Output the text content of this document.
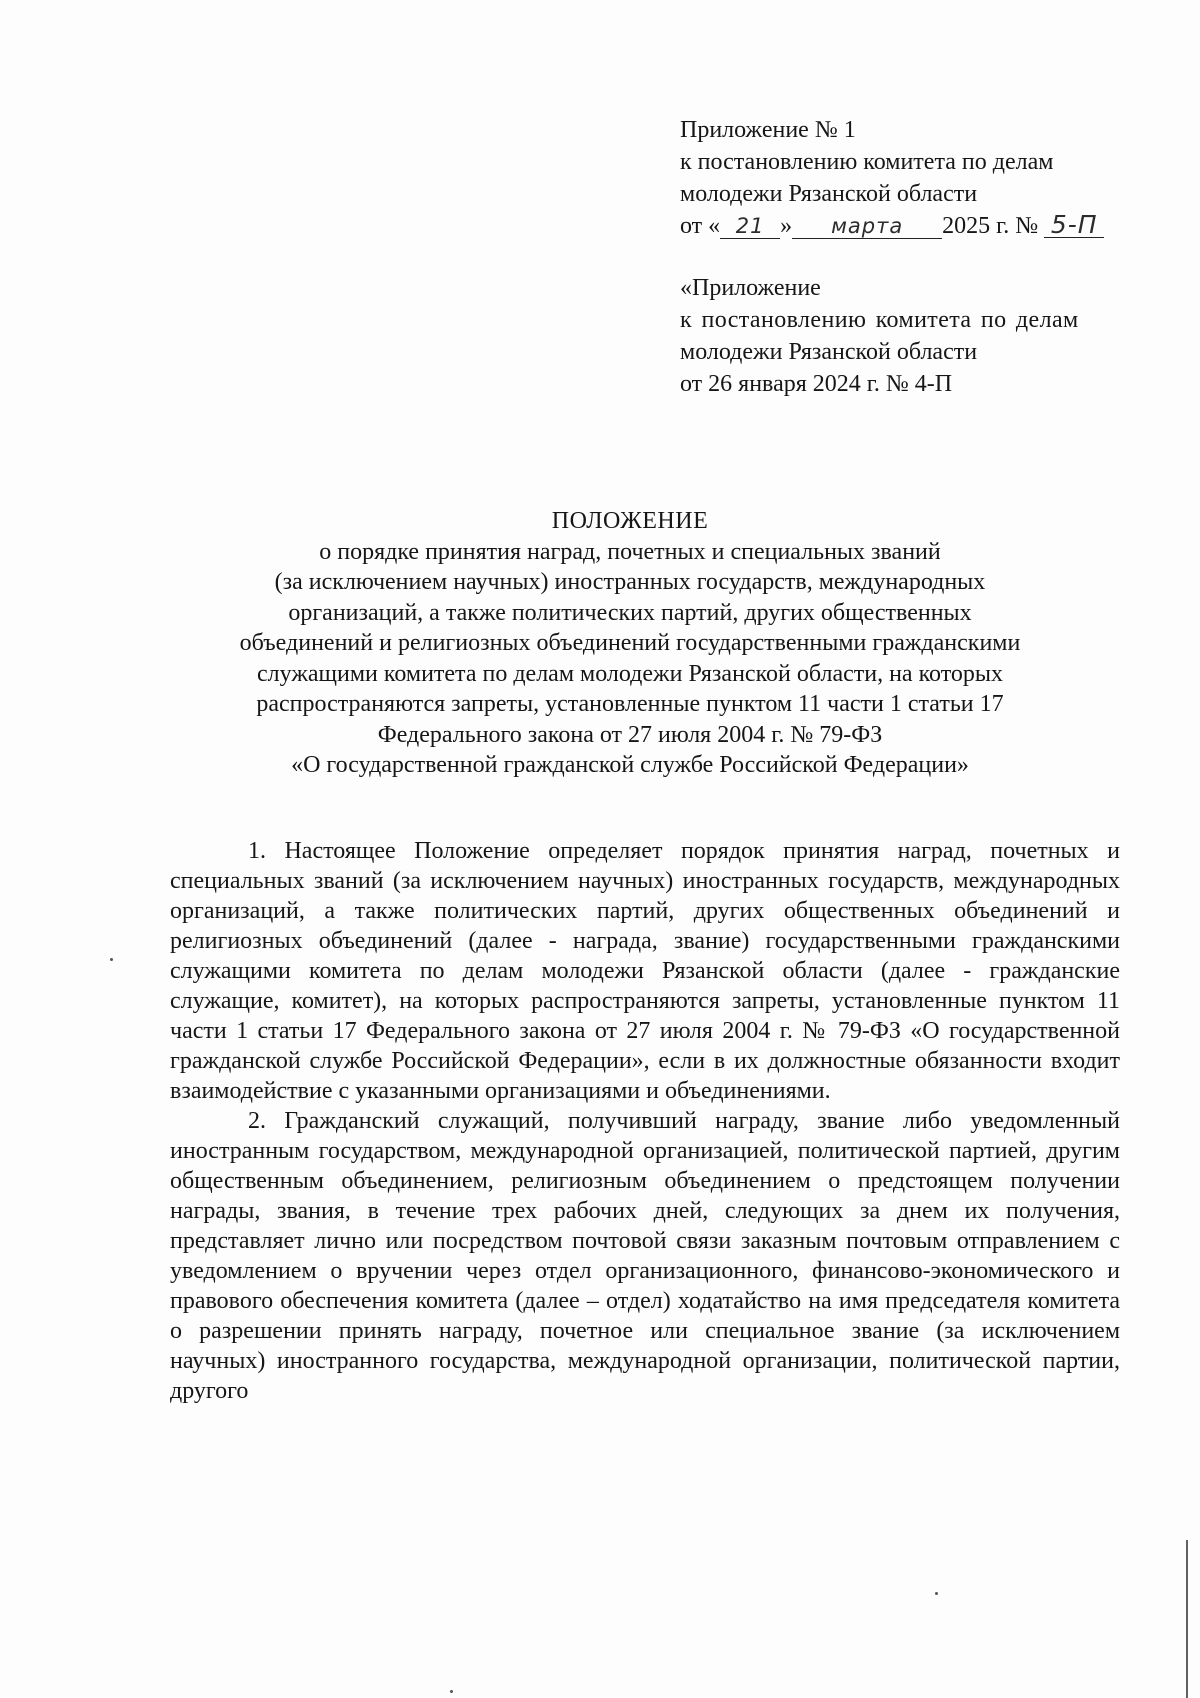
Приложение № 1
к постановлению комитета по делам
молодежи Рязанской области
от « 21 » марта 2025 г. № 5-П
«Приложение
к постановлению комитета по делам
молодежи Рязанской области
от 26 января 2024 г. № 4-П
ПОЛОЖЕНИЕ
о порядке принятия наград, почетных и специальных званий
(за исключением научных) иностранных государств, международных
организаций, а также политических партий, других общественных
объединений и религиозных объединений государственными гражданскими
служащими комитета по делам молодежи Рязанской области, на которых
распространяются запреты, установленные пунктом 11 части 1 статьи 17
Федерального закона от 27 июля 2004 г. № 79-ФЗ
«О государственной гражданской службе Российской Федерации»

1. Настоящее Положение определяет порядок принятия наград, почетных и специальных званий (за исключением научных) иностранных государств, международных организаций, а также политических партий, других общественных объединений и религиозных объединений (далее - награда, звание) государственными гражданскими служащими комитета по делам молодежи Рязанской области (далее - гражданские служащие, комитет), на которых распространяются запреты, установленные пунктом 11 части 1 статьи 17 Федерального закона от 27 июля 2004 г. № 79-ФЗ «О государственной гражданской службе Российской Федерации», если в их должностные обязанности входит взаимодействие с указанными организациями и объединениями.

2. Гражданский служащий, получивший награду, звание либо уведомленный иностранным государством, международной организацией, политической партией, другим общественным объединением, религиозным объединением о предстоящем получении награды, звания, в течение трех рабочих дней, следующих за днем их получения, представляет лично или посредством почтовой связи заказным почтовым отправлением с уведомлением о вручении через отдел организационного, финансово-экономического и правового обеспечения комитета (далее – отдел) ходатайство на имя председателя комитета о разрешении принять награду, почетное или специальное звание (за исключением научных) иностранного государства, международной организации, политической партии, другого
